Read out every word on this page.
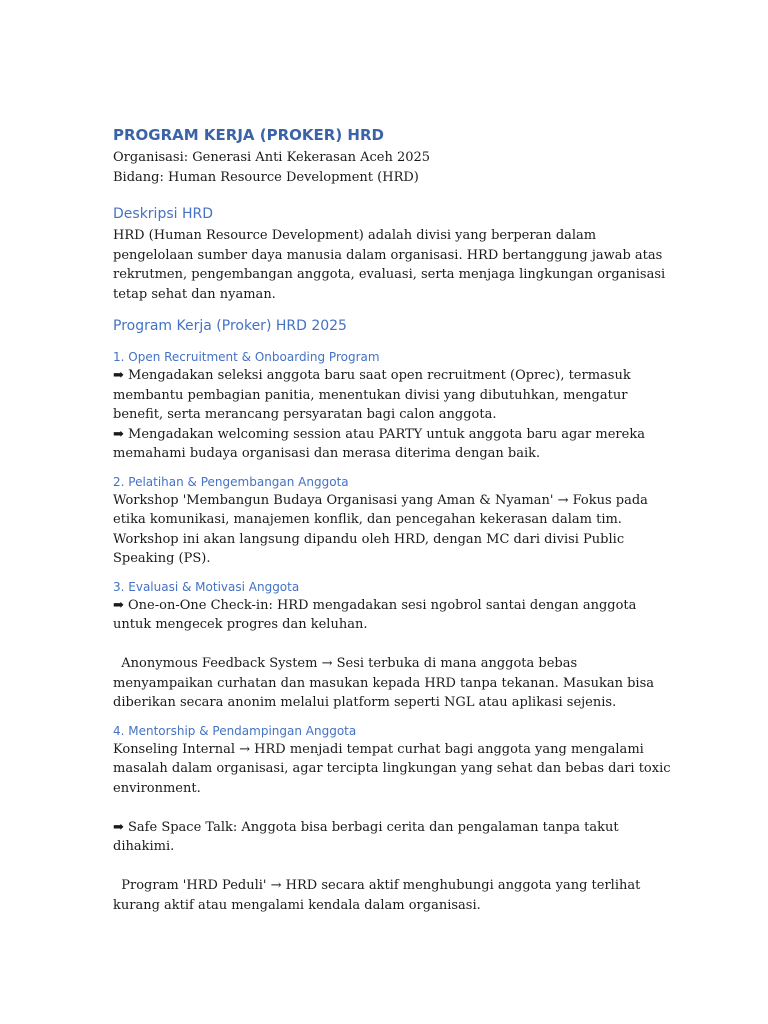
PROGRAM KERJA (PROKER) HRD

Organisasi: Generasi Anti Kekerasan Aceh 2025

Bidang: Human Resource Development (HRD)

Deskripsi HRD

HRD (Human Resource Development) adalah divisi yang berperan dalam pengelolaan sumber daya manusia dalam organisasi. HRD bertanggung jawab atas rekrutmen, pengembangan anggota, evaluasi, serta menjaga lingkungan organisasi tetap sehat dan nyaman.

Program Kerja (Proker) HRD 2025
1. Open Recruitment & Onboarding Program

➡ Mengadakan seleksi anggota baru saat open recruitment (Oprec), termasuk membantu pembagian panitia, menentukan divisi yang dibutuhkan, mengatur benefit, serta merancang persyaratan bagi calon anggota.

➡ Mengadakan welcoming session atau PARTY untuk anggota baru agar mereka memahami budaya organisasi dan merasa diterima dengan baik.

2. Pelatihan & Pengembangan Anggota

Workshop 'Membangun Budaya Organisasi yang Aman & Nyaman' → Fokus pada etika komunikasi, manajemen konflik, dan pencegahan kekerasan dalam tim. Workshop ini akan langsung dipandu oleh HRD, dengan MC dari divisi Public Speaking (PS).

3. Evaluasi & Motivasi Anggota

➡ One-on-One Check-in: HRD mengadakan sesi ngobrol santai dengan anggota untuk mengecek progres dan keluhan.

Anonymous Feedback System → Sesi terbuka di mana anggota bebas menyampaikan curhatan dan masukan kepada HRD tanpa tekanan. Masukan bisa diberikan secara anonim melalui platform seperti NGL atau aplikasi sejenis.

4. Mentorship & Pendampingan Anggota

Konseling Internal → HRD menjadi tempat curhat bagi anggota yang mengalami masalah dalam organisasi, agar tercipta lingkungan yang sehat dan bebas dari toxic environment.

➡ Safe Space Talk: Anggota bisa berbagi cerita dan pengalaman tanpa takut dihakimi.

Program 'HRD Peduli' → HRD secara aktif menghubungi anggota yang terlihat kurang aktif atau mengalami kendala dalam organisasi.
